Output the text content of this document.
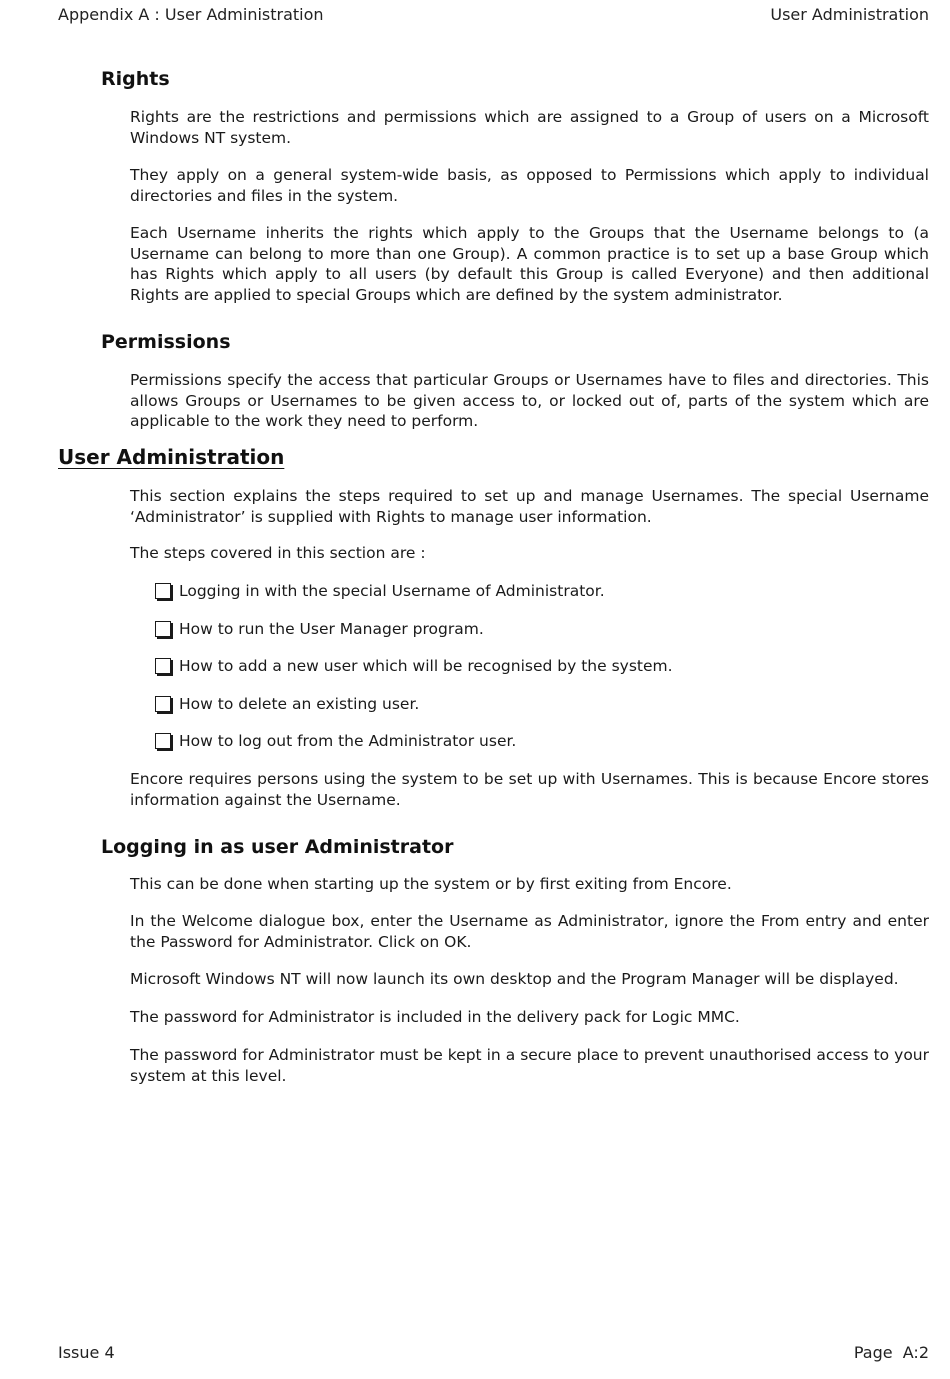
Appendix A : User Administration	User Administration
Rights

Rights are the restrictions and permissions which are assigned to a Group of users on a Microsoft Windows NT system.

They apply on a general system-wide basis, as opposed to Permissions which apply to individual directories and files in the system.

Each Username inherits the rights which apply to the Groups that the Username belongs to (a Username can belong to more than one Group). A common practice is to set up a base Group which has Rights which apply to all users (by default this Group is called Everyone) and then additional Rights are applied to special Groups which are defined by the system administrator.

Permissions

Permissions specify the access that particular Groups or Usernames have to files and directories. This allows Groups or Usernames to be given access to, or locked out of, parts of the system which are applicable to the work they need to perform.

User Administration

This section explains the steps required to set up and manage Usernames. The special Username ‘Administrator’ is supplied with Rights to manage user information.

The steps covered in this section are :

Logging in with the special Username of Administrator.
How to run the User Manager program.
How to add a new user which will be recognised by the system.
How to delete an existing user.
How to log out from the Administrator user.

Encore requires persons using the system to be set up with Usernames. This is because Encore stores information against the Username.

Logging in as user Administrator

This can be done when starting up the system or by first exiting from Encore.

In the Welcome dialogue box, enter the Username as Administrator, ignore the From entry and enter the Password for Administrator. Click on OK.

Microsoft Windows NT will now launch its own desktop and the Program Manager will be displayed.

The password for Administrator is included in the delivery pack for Logic MMC.

The password for Administrator must be kept in a secure place to prevent unauthorised access to your system at this level.

Issue 4	Page  A:2
